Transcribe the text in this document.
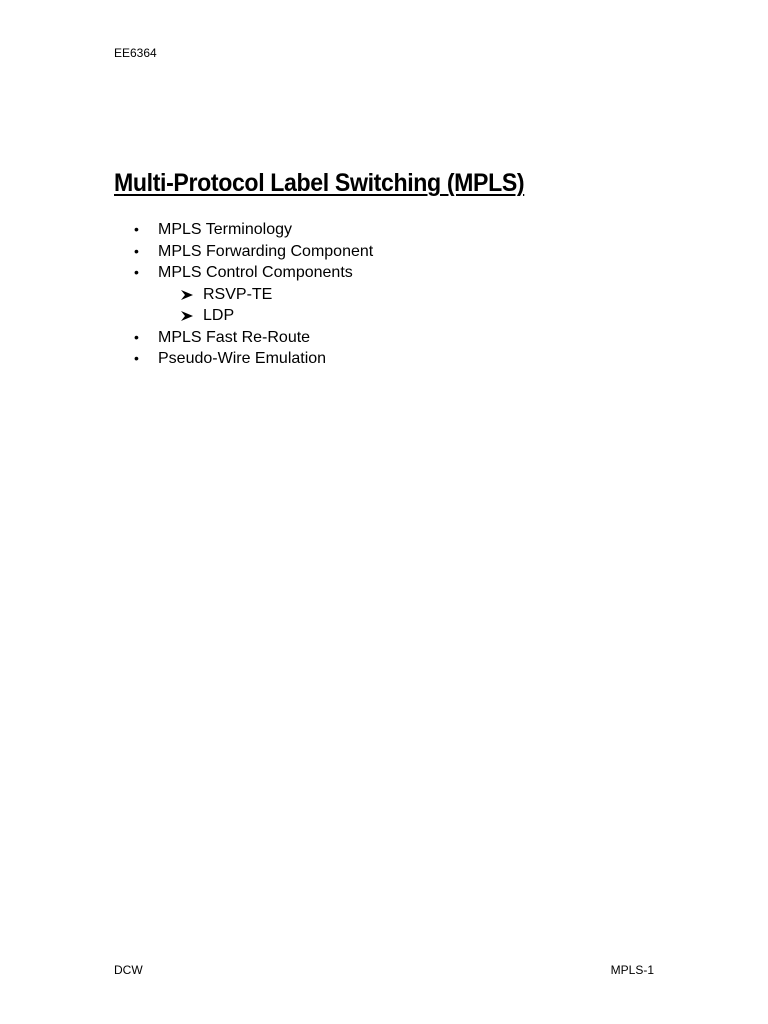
EE6364
Multi-Protocol Label Switching (MPLS)
• MPLS Terminology
• MPLS Forwarding Component
• MPLS Control Components
RSVP-TE
LDP
• MPLS Fast Re-Route
• Pseudo-Wire Emulation
DCW	MPLS-1
